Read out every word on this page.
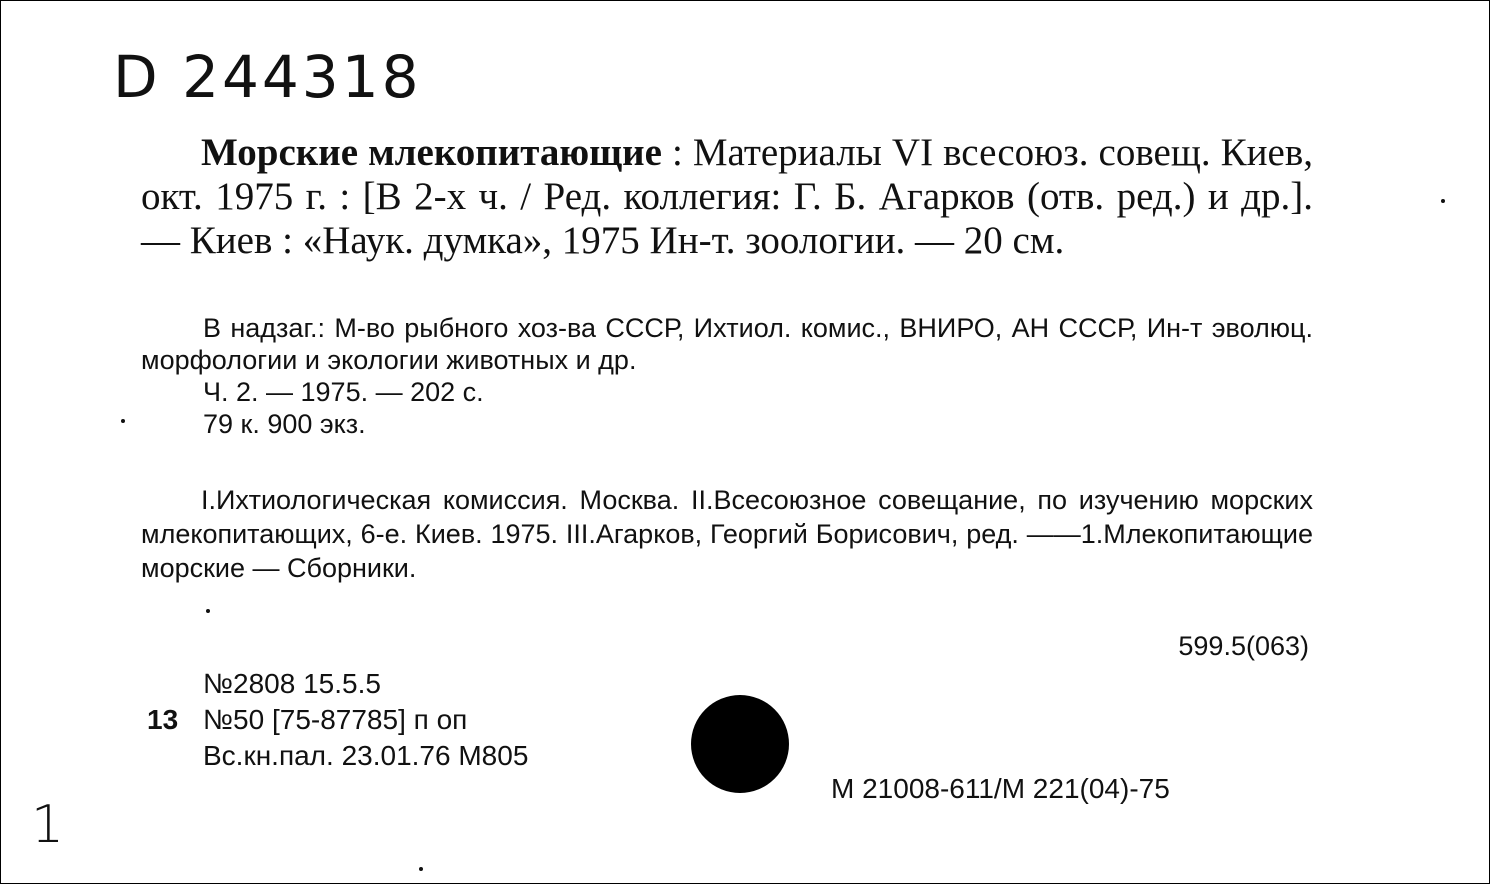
D 244318
Морские млекопитающие : Материалы VI всесоюз. совещ. Киев, окт. 1975 г. : [В 2-х ч. / Ред. коллегия: Г. Б. Агарков (отв. ред.) и др.]. — Киев : «Наук. думка», 1975 Ин-т. зоологии. — 20 см.
В надзаг.: М-во рыбного хоз-ва СССР, Ихтиол. комис., ВНИРО, АН СССР, Ин-т эволюц. морфологии и экологии животных и др.
Ч. 2. — 1975. — 202 с.
79 к. 900 экз.
I.Ихтиологическая комиссия. Москва. II.Всесоюзное совещание, по изучению морских млекопитающих, 6-е. Киев. 1975. III.Агарков, Георгий Борисович, ред. ——1.Млекопитающие морские — Сборники.
599.5(063)
№2808 15.5.5
13 №50 [75-87785] п оп
Вс.кн.пал. 23.01.76 М805
М 21008-611/М 221(04)-75
1
